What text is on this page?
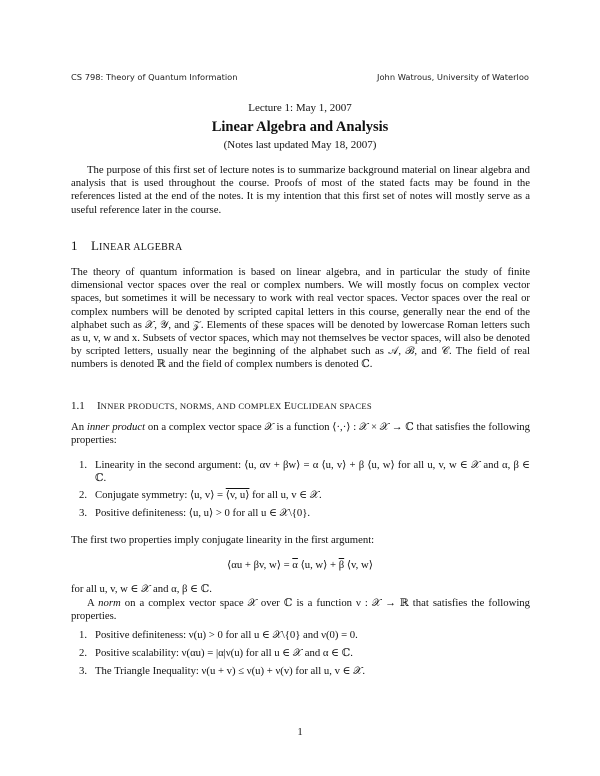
CS 798: Theory of Quantum Information	John Watrous, University of Waterloo
Lecture 1: May 1, 2007
Linear Algebra and Analysis
(Notes last updated May 18, 2007)
The purpose of this first set of lecture notes is to summarize background material on linear algebra and analysis that is used throughout the course. Proofs of most of the stated facts may be found in the references listed at the end of the notes. It is my intention that this first set of notes will mostly serve as a useful reference later in the course.
1 LINEAR ALGEBRA
The theory of quantum information is based on linear algebra, and in particular the study of finite dimensional vector spaces over the real or complex numbers. We will mostly focus on complex vector spaces, but sometimes it will be necessary to work with real vector spaces. Vector spaces over the real or complex numbers will be denoted by scripted capital letters in this course, generally near the end of the alphabet such as 𝒳, 𝒴, and 𝒵. Elements of these spaces will be denoted by lowercase Roman letters such as u, v, w and x. Subsets of vector spaces, which may not themselves be vector spaces, will also be denoted by scripted letters, usually near the beginning of the alphabet such as 𝒜, ℬ, and 𝒞. The field of real numbers is denoted ℝ and the field of complex numbers is denoted ℂ.
1.1 INNER PRODUCTS, NORMS, AND COMPLEX EUCLIDEAN SPACES
An inner product on a complex vector space 𝒳 is a function ⟨·,·⟩ : 𝒳 × 𝒳 → ℂ that satisfies the following properties:
1. Linearity in the second argument: ⟨u, αv + βw⟩ = α ⟨u, v⟩ + β ⟨u, w⟩ for all u, v, w ∈ 𝒳 and α, β ∈ ℂ.
2. Conjugate symmetry: ⟨u, v⟩ = ⟨v, u⟩ for all u, v ∈ 𝒳.
3. Positive definiteness: ⟨u, u⟩ > 0 for all u ∈ 𝒳\{0}.
The first two properties imply conjugate linearity in the first argument:
⟨αu + βv, w⟩ = $\overline{\alpha}$ ⟨u, w⟩ + $\overline{\beta}$ ⟨v, w⟩
for all u, v, w ∈ 𝒳 and α, β ∈ ℂ.
A norm on a complex vector space 𝒳 over ℂ is a function ν : 𝒳 → ℝ that satisfies the following properties.
1. Positive definiteness: ν(u) > 0 for all u ∈ 𝒳\{0} and ν(0) = 0.
2. Positive scalability: ν(αu) = |α|ν(u) for all u ∈ 𝒳 and α ∈ ℂ.
3. The Triangle Inequality: ν(u + v) ≤ ν(u) + ν(v) for all u, v ∈ 𝒳.
1
